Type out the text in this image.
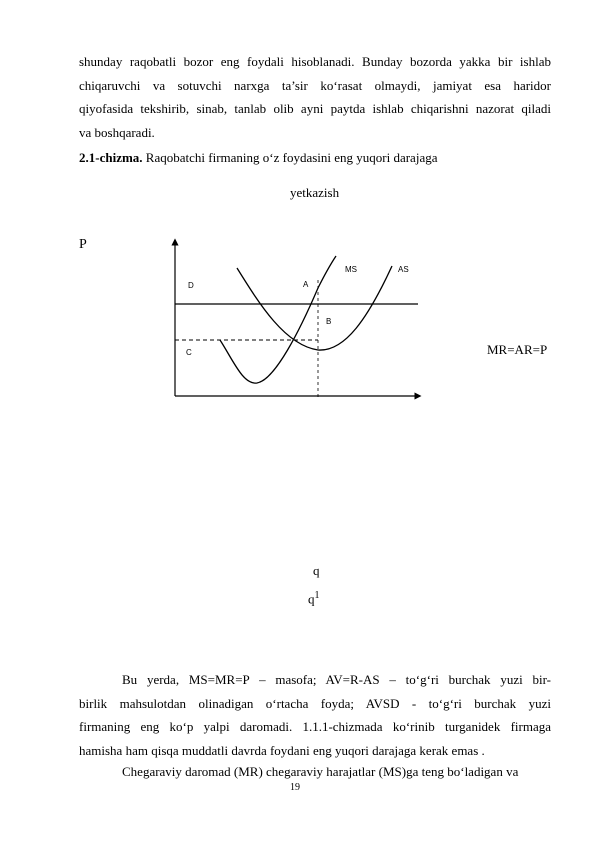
shunday raqobatli bozor eng foydali hisoblanadi. Bunday bozorda yakka bir ishlab
chiqaruvchi va sotuvchi narxga ta’sir ko‘rasat olmaydi, jamiyat esa haridor
qiyofasida tekshirib, sinab, tanlab olib ayni paytda ishlab chiqarishni nazorat qiladi
va boshqaradi.
2.1-chizma. Raqobatchi firmaning o‘z foydasini eng yuqori darajaga
yetkazish
P
MS	AS
D	A
B
C	MR=AR=P
q
$q^1$
Bu yerda, MS=MR=P – masofa; AV=R-AS – to‘g‘ri burchak yuzi bir-
birlik mahsulotdan olinadigan o‘rtacha foyda; AVSD - to‘g‘ri burchak yuzi
firmaning eng ko‘p yalpi daromadi. 1.1.1-chizmada ko‘rinib turganidek firmaga
hamisha ham qisqa muddatli davrda foydani eng yuqori darajaga kerak emas .
Chegaraviy daromad (MR) chegaraviy harajatlar (MS)ga teng bo‘ladigan va
19
